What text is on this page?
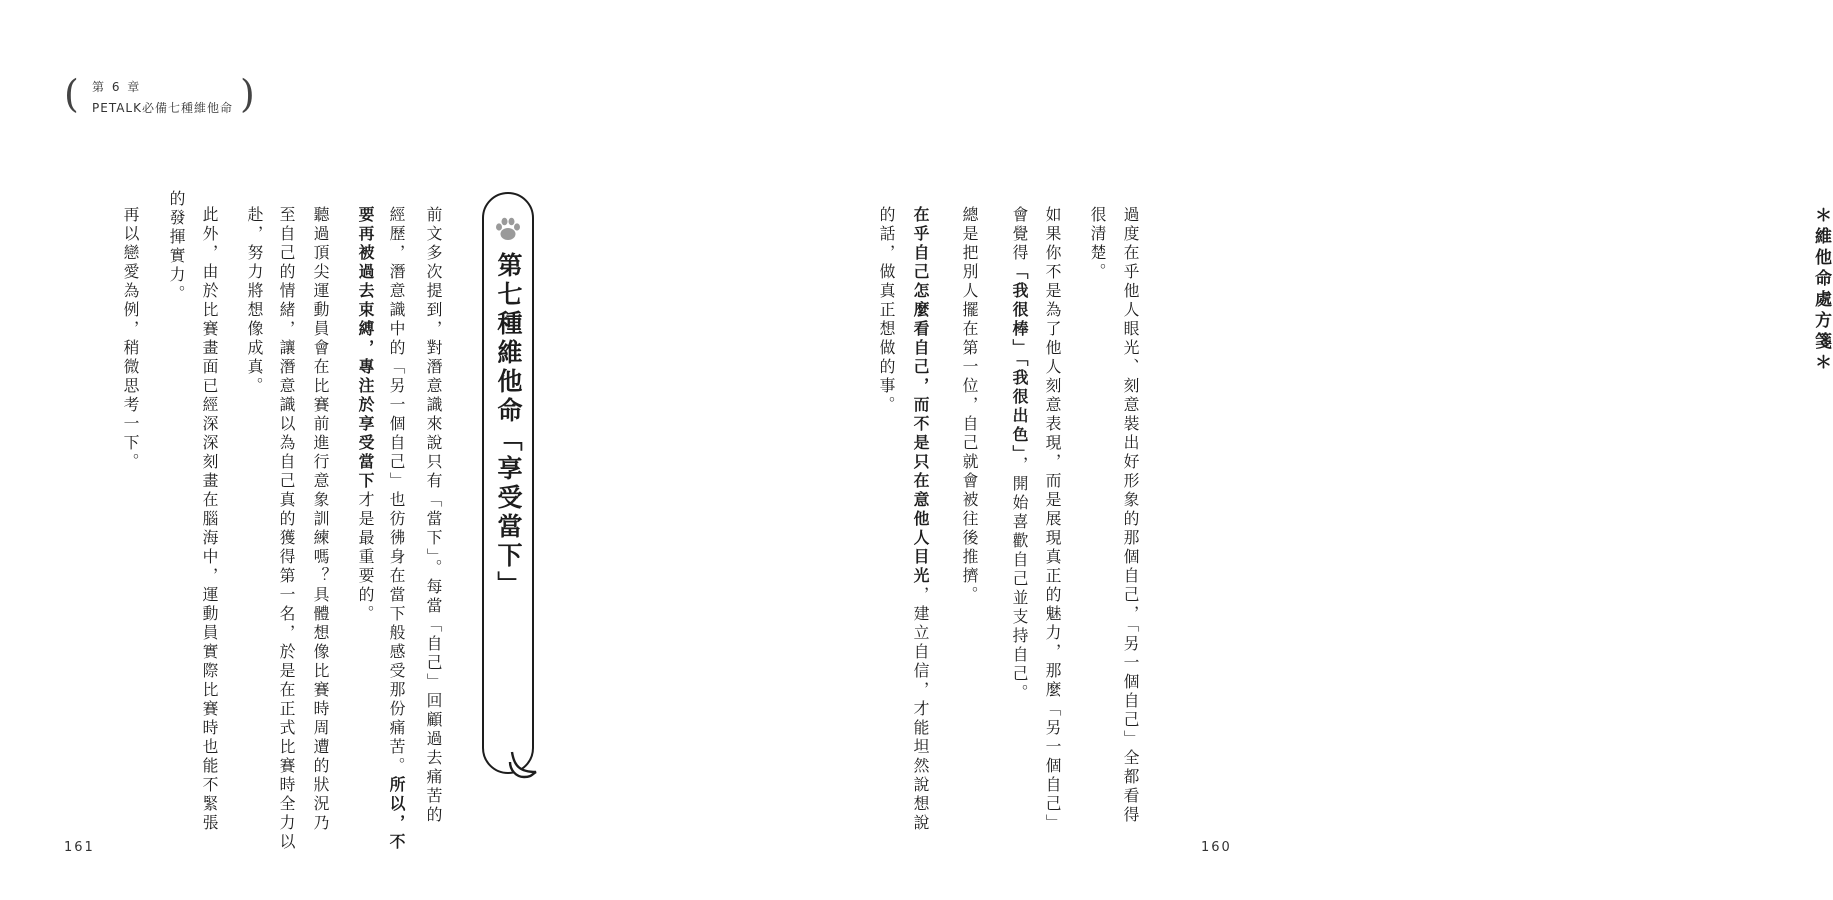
( 第 6 章
PETALK必備七種維他命 )
第七種維他命「享受當下」
前文多次提到，對潛意識來說只有「當下」。每當「自己」回顧過去痛苦的
經歷，潛意識中的「另一個自己」也彷彿身在當下般感受那份痛苦。所以，不
要再被過去束縛，專注於享受當下才是最重要的。
聽過頂尖運動員會在比賽前進行意象訓練嗎？具體想像比賽時周遭的狀況乃
至自己的情緒，讓潛意識以為自己真的獲得第一名，於是在正式比賽時全力以
赴，努力將想像成真。
此外，由於比賽畫面已經深深刻畫在腦海中，運動員實際比賽時也能不緊張
的發揮實力。
再以戀愛為例，稍微思考一下。
161
＊維他命處方箋＊
過度在乎他人眼光、刻意裝出好形象的那個自己，「另一個自己」全都看得
很清楚。
如果你不是為了他人刻意表現，而是展現真正的魅力，那麼「另一個自己」
會覺得「我很棒」「我很出色」，開始喜歡自己並支持自己。
總是把別人擺在第一位，自己就會被往後推擠。
在乎自己怎麼看自己，而不是只在意他人目光，建立自信，才能坦然說想說
的話，做真正想做的事。
160
